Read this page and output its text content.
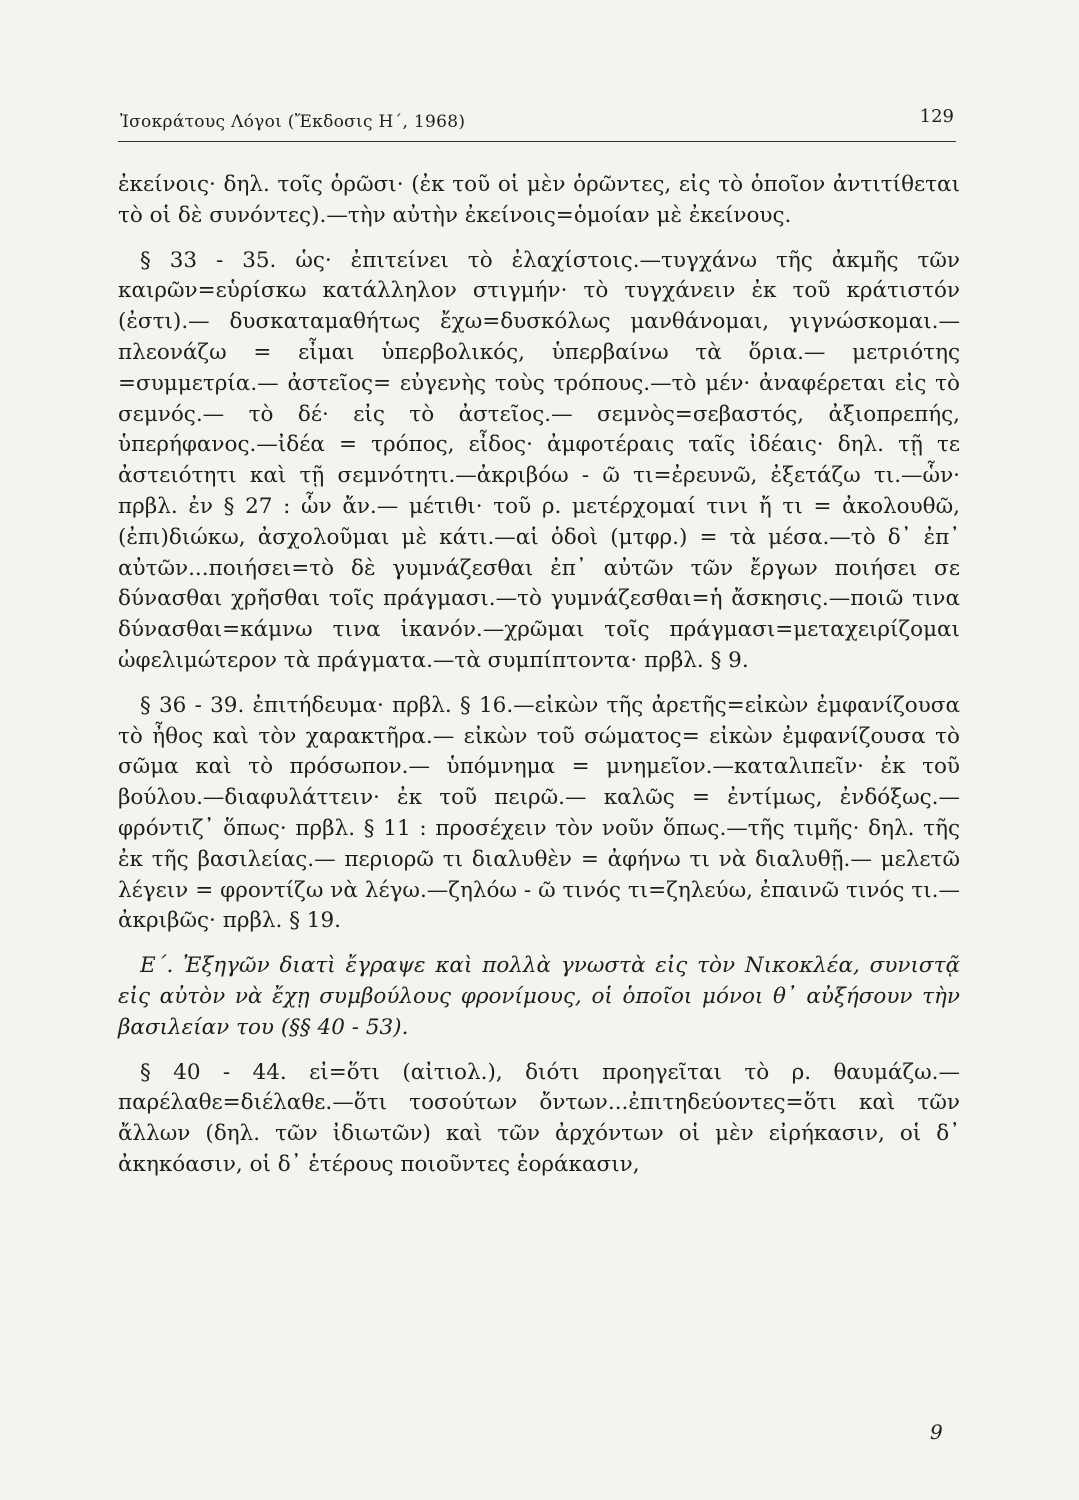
Ἰσοκράτους Λόγοι (Ἔκδοσις Η΄, 1968)	129

ἐκείνοις· δηλ. τοῖς ὁρῶσι· (ἐκ τοῦ οἱ μὲν ὁρῶντες, εἰς τὸ ὁποῖον ἀντιτίθεται τὸ οἱ δὲ συνόντες).—τὴν αὐτὴν ἐκείνοις=ὁμοίαν μὲ ἐκείνους.

§ 33 - 35. ὡς· ἐπιτείνει τὸ ἐλαχίστοις.—τυγχάνω τῆς ἀκμῆς τῶν καιρῶν=εὑρίσκω κατάλληλον στιγμήν· τὸ τυγχάνειν ἐκ τοῦ κράτιστόν (ἐστι).— δυσκαταμαθήτως ἔχω=δυσκόλως μανθάνομαι, γιγνώσκομαι.— πλεονάζω = εἶμαι ὑπερβολικός, ὑπερβαίνω τὰ ὅρια.— μετριότης =συμμετρία.— ἀστεῖος= εὐγενὴς τοὺς τρόπους.—τὸ μέν· ἀναφέρεται εἰς τὸ σεμνός.— τὸ δέ· εἰς τὸ ἀστεῖος.— σεμνὸς=σεβαστός, ἀξιοπρεπής, ὑπερήφανος.—ἰδέα = τρόπος, εἶδος· ἀμφοτέραις ταῖς ἰδέαις· δηλ. τῇ τε ἀστειότητι καὶ τῇ σεμνότητι.—ἀκριβόω - ῶ τι=ἐρευνῶ, ἐξετάζω τι.—ὧν· πρβλ. ἐν § 27 : ὧν ἄν.— μέτιθι· τοῦ ρ. μετέρχομαί τινι ἤ τι = ἀκολουθῶ, (ἐπι)διώκω, ἀσχολοῦμαι μὲ κάτι.—αἱ ὁδοὶ (μτφρ.) = τὰ μέσα.—τὸ δ᾽ ἐπ᾽ αὐτῶν...ποιήσει=τὸ δὲ γυμνάζεσθαι ἐπ᾽ αὐτῶν τῶν ἔργων ποιήσει σε δύνασθαι χρῆσθαι τοῖς πράγμασι.—τὸ γυμνάζεσθαι=ἡ ἄσκησις.—ποιῶ τινα δύνασθαι=κάμνω τινα ἱκανόν.—χρῶμαι τοῖς πράγμασι=μεταχειρίζομαι ὠφελιμώτερον τὰ πράγματα.—τὰ συμπίπτοντα· πρβλ. § 9.

§ 36 - 39. ἐπιτήδευμα· πρβλ. § 16.—εἰκὼν τῆς ἀρετῆς=εἰκὼν ἐμφανίζουσα τὸ ἦθος καὶ τὸν χαρακτῆρα.— εἰκὼν τοῦ σώματος= εἰκὼν ἐμφανίζουσα τὸ σῶμα καὶ τὸ πρόσωπον.— ὑπόμνημα = μνημεῖον.—καταλιπεῖν· ἐκ τοῦ βούλου.—διαφυλάττειν· ἐκ τοῦ πειρῶ.— καλῶς = ἐντίμως, ἐνδόξως.— φρόντιζ᾽ ὅπως· πρβλ. § 11 : προσέχειν τὸν νοῦν ὅπως.—τῆς τιμῆς· δηλ. τῆς ἐκ τῆς βασιλείας.— περιορῶ τι διαλυθὲν = ἀφήνω τι νὰ διαλυθῇ.— μελετῶ λέγειν = φροντίζω νὰ λέγω.—ζηλόω - ῶ τινός τι=ζηλεύω, ἐπαινῶ τινός τι.— ἀκριβῶς· πρβλ. § 19.

Ε΄. Ἐξηγῶν διατὶ ἔγραψε καὶ πολλὰ γνωστὰ εἰς τὸν Νικοκλέα, συνιστᾷ εἰς αὐτὸν νὰ ἔχῃ συμβούλους φρονίμους, οἱ ὁποῖοι μόνοι θ᾽ αὐξήσουν τὴν βασιλείαν του (§§ 40 - 53).

§ 40 - 44. εἰ=ὅτι (αἰτιολ.), διότι προηγεῖται τὸ ρ. θαυμάζω.— παρέλαθε=διέλαθε.—ὅτι τοσούτων ὄντων...ἐπιτηδεύοντες=ὅτι καὶ τῶν ἄλλων (δηλ. τῶν ἰδιωτῶν) καὶ τῶν ἀρχόντων οἱ μὲν εἰρήκασιν, οἱ δ᾽ ἀκηκόασιν, οἱ δ᾽ ἑτέρους ποιοῦντες ἑοράκασιν,

9
